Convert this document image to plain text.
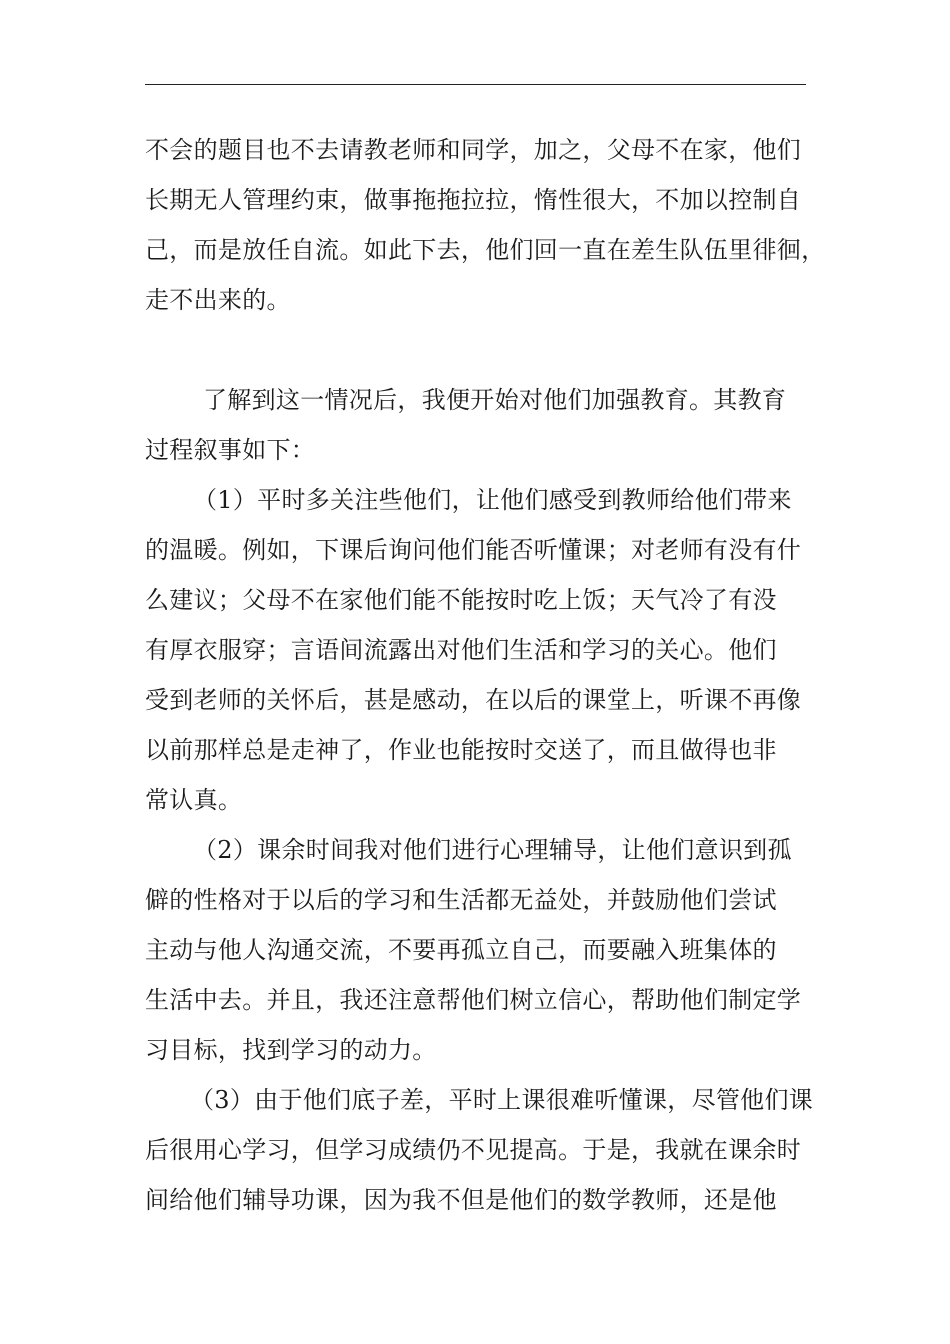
不会的题目也不去请教老师和同学，加之，父母不在家，他们
长期无人管理约束，做事拖拖拉拉，惰性很大，不加以控制自
己，而是放任自流。如此下去，他们回一直在差生队伍里徘徊，
走不出来的。
了解到这一情况后，我便开始对他们加强教育。其教育
过程叙事如下：
（1）平时多关注些他们，让他们感受到教师给他们带来
的温暖。例如，下课后询问他们能否听懂课；对老师有没有什
么建议；父母不在家他们能不能按时吃上饭；天气冷了有没
有厚衣服穿；言语间流露出对他们生活和学习的关心。他们
受到老师的关怀后，甚是感动，在以后的课堂上，听课不再像
以前那样总是走神了，作业也能按时交送了，而且做得也非
常认真。
（2）课余时间我对他们进行心理辅导，让他们意识到孤
僻的性格对于以后的学习和生活都无益处，并鼓励他们尝试
主动与他人沟通交流，不要再孤立自己，而要融入班集体的
生活中去。并且，我还注意帮他们树立信心，帮助他们制定学
习目标，找到学习的动力。
（3）由于他们底子差，平时上课很难听懂课，尽管他们课
后很用心学习，但学习成绩仍不见提高。于是，我就在课余时
间给他们辅导功课，因为我不但是他们的数学教师，还是他
